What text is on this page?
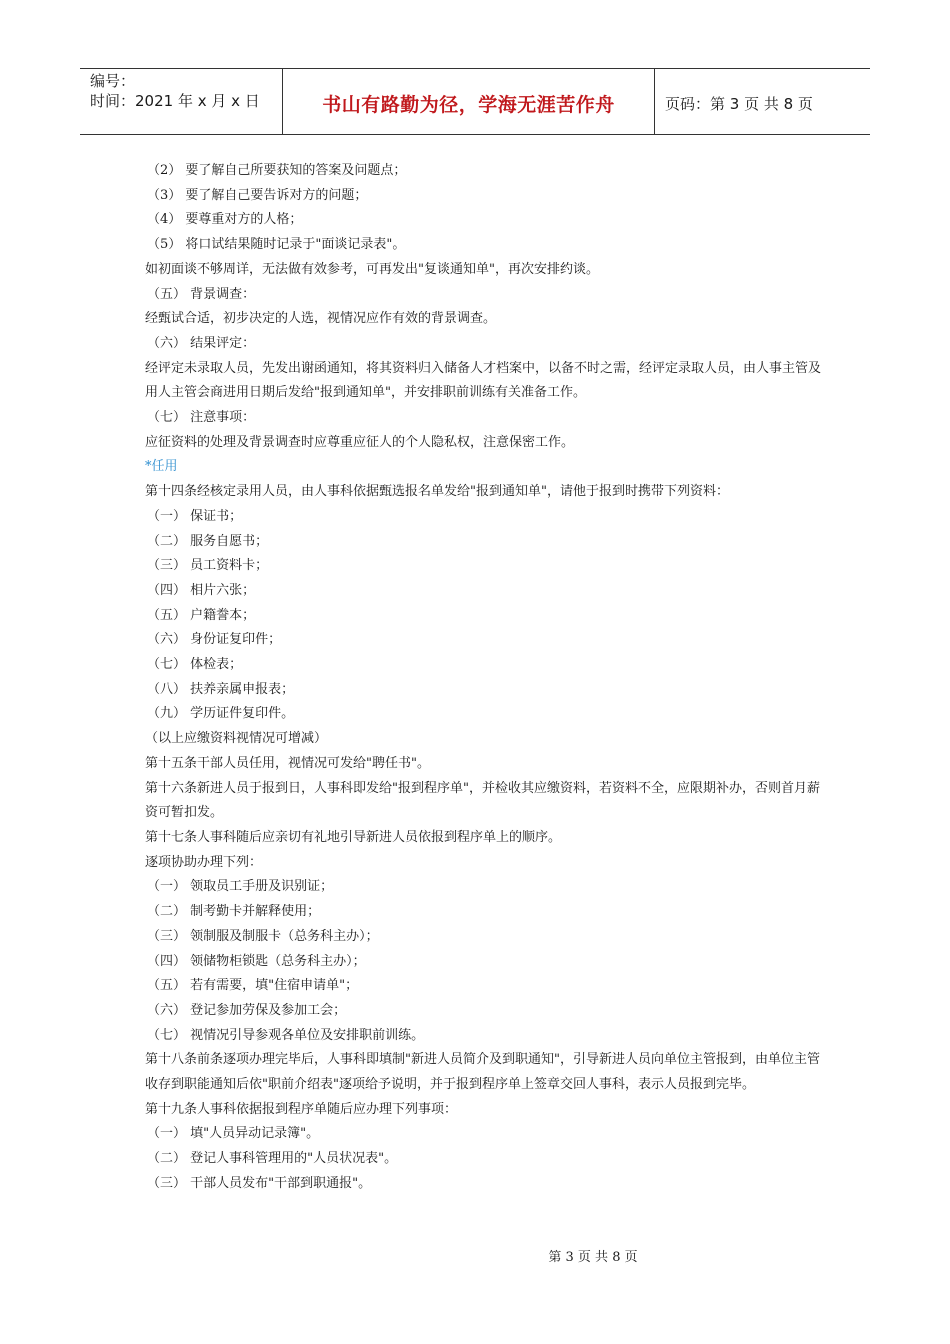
编号：
时间：2021 年 x 月 x 日	书山有路勤为径，学海无涯苦作舟	页码：第 3 页 共 8 页
（2） 要了解自己所要获知的答案及问题点；
（3） 要了解自己要告诉对方的问题；
（4） 要尊重对方的人格；
（5） 将口试结果随时记录于"面谈记录表"。
如初面谈不够周详，无法做有效参考，可再发出"复谈通知单"，再次安排约谈。
（五） 背景调查：
经甄试合适，初步决定的人选，视情况应作有效的背景调查。
（六） 结果评定：
经评定未录取人员，先发出谢函通知，将其资料归入储备人才档案中，以备不时之需，经评定录取人员，由人事主管及用人主管会商进用日期后发给"报到通知单"，并安排职前训练有关准备工作。
（七） 注意事项：
应征资料的处理及背景调查时应尊重应征人的个人隐私权，注意保密工作。
*任用
第十四条经核定录用人员，由人事科依据甄选报名单发给"报到通知单"，请他于报到时携带下列资料：
（一） 保证书；
（二） 服务自愿书；
（三） 员工资料卡；
（四） 相片六张；
（五） 户籍誊本；
（六） 身份证复印件；
（七） 体检表；
（八） 扶养亲属申报表；
（九） 学历证件复印件。
（以上应缴资料视情况可增减）
第十五条干部人员任用，视情况可发给"聘任书"。
第十六条新进人员于报到日，人事科即发给"报到程序单"，并检收其应缴资料，若资料不全，应限期补办，否则首月薪资可暂扣发。
第十七条人事科随后应亲切有礼地引导新进人员依报到程序单上的顺序。
逐项协助办理下列：
（一） 领取员工手册及识别证；
（二） 制考勤卡并解释使用；
（三） 领制服及制服卡（总务科主办）；
（四） 领储物柜锁匙（总务科主办）；
（五） 若有需要，填"住宿申请单"；
（六） 登记参加劳保及参加工会；
（七） 视情况引导参观各单位及安排职前训练。
第十八条前条逐项办理完毕后，人事科即填制"新进人员简介及到职通知"，引导新进人员向单位主管报到，由单位主管收存到职能通知后依"职前介绍表"逐项给予说明，并于报到程序单上签章交回人事科，表示人员报到完毕。
第十九条人事科依据报到程序单随后应办理下列事项：
（一） 填"人员异动记录簿"。
（二） 登记人事科管理用的"人员状况表"。
（三） 干部人员发布"干部到职通报"。
第 3 页 共 8 页
